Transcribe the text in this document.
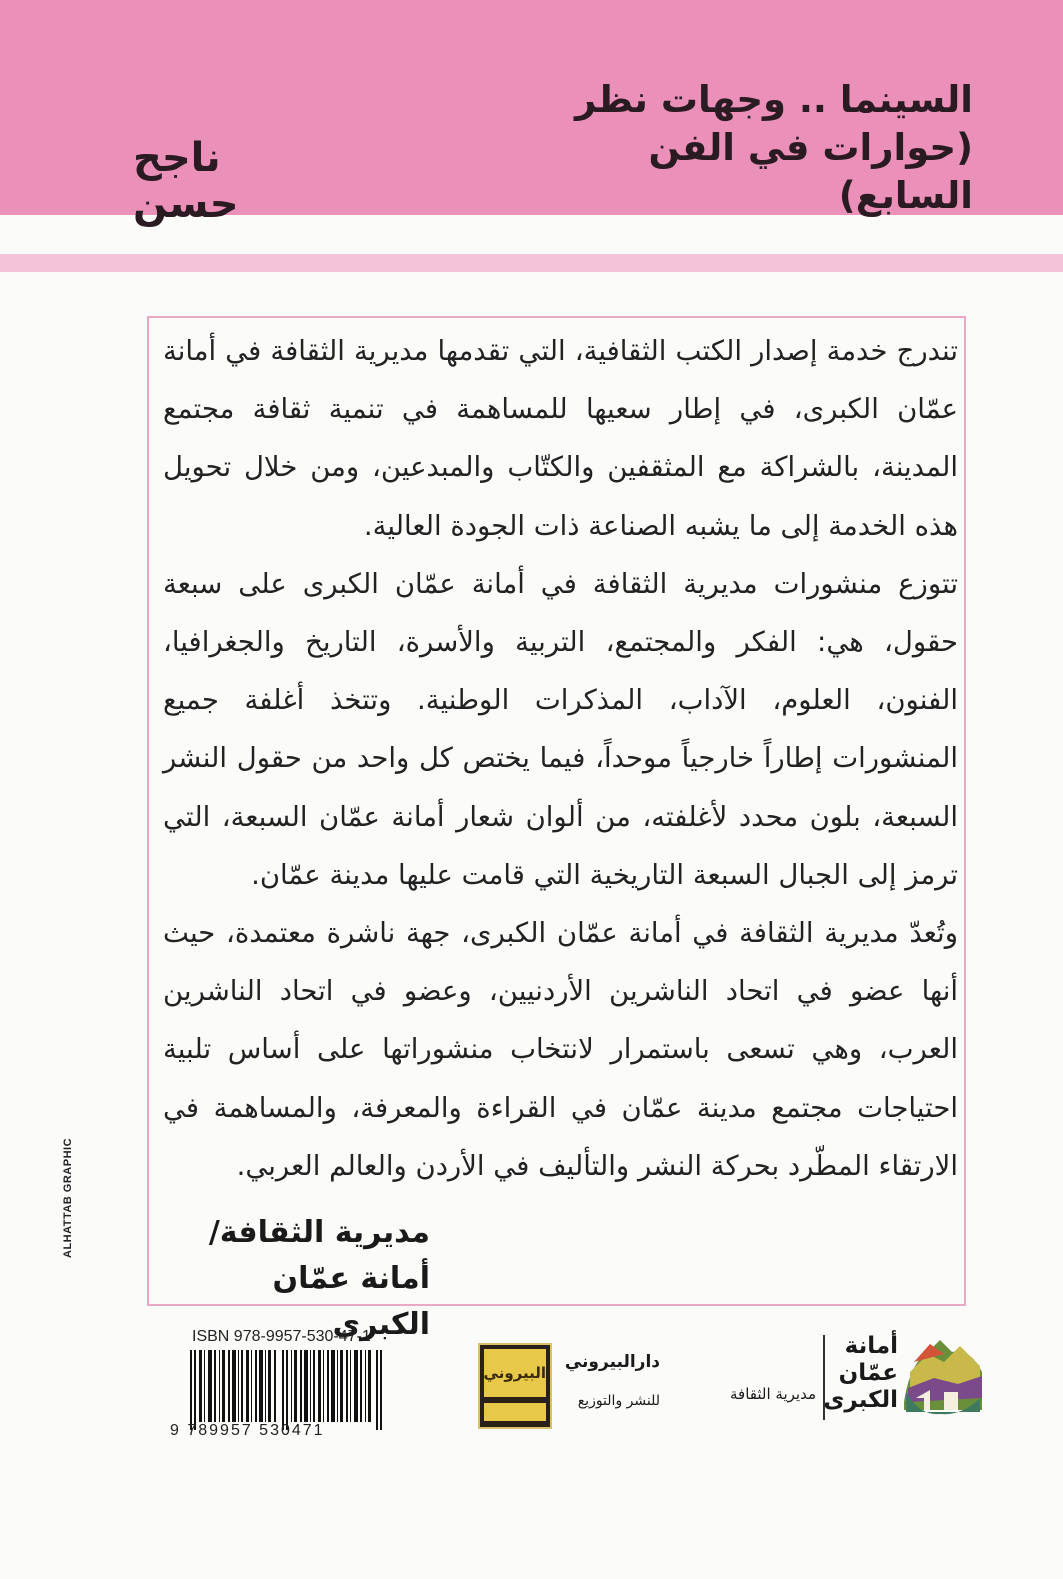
السينما .. وجهات نظر
(حوارات في الفن السابع)
ناجح حسن

تندرج خدمة إصدار الكتب الثقافية، التي تقدمها مديرية الثقافة في أمانة عمّان الكبرى، في إطار سعيها للمساهمة في تنمية ثقافة مجتمع المدينة، بالشراكة مع المثقفين والكتّاب والمبدعين، ومن خلال تحويل هذه الخدمة إلى ما يشبه الصناعة ذات الجودة العالية.

تتوزع منشورات مديرية الثقافة في أمانة عمّان الكبرى على سبعة حقول، هي: الفكر والمجتمع، التربية والأسرة، التاريخ والجغرافيا، الفنون، العلوم، الآداب، المذكرات الوطنية. وتتخذ أغلفة جميع المنشورات إطاراً خارجياً موحداً، فيما يختص كل واحد من حقول النشر السبعة، بلون محدد لأغلفته، من ألوان شعار أمانة عمّان السبعة، التي ترمز إلى الجبال السبعة التاريخية التي قامت عليها مدينة عمّان.

وتُعدّ مديرية الثقافة في أمانة عمّان الكبرى، جهة ناشرة معتمدة، حيث أنها عضو في اتحاد الناشرين الأردنيين، وعضو في اتحاد الناشرين العرب، وهي تسعى باستمرار لانتخاب منشوراتها على أساس تلبية احتياجات مجتمع مدينة عمّان في القراءة والمعرفة، والمساهمة في الارتقاء المطّرد بحركة النشر والتأليف في الأردن والعالم العربي.

مديرية الثقافة/
أمانة عمّان الكبرى
ALHATTAB GRAPHIC
ISBN 978-9957-530-47-1
9 789957 530471
البيروني
دارالبيروني
للنشر والتوزيع	مديرية الثقافة
أمانة
عمّان
الكبرى
